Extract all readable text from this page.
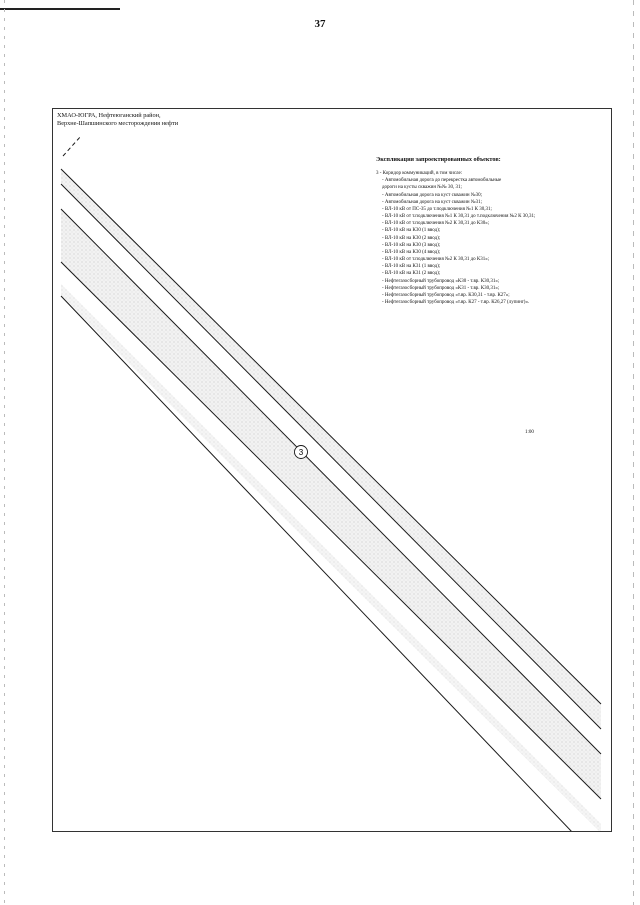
37
3
ХМАО-ЮГРА, Нефтеюганский район,
Верхне-Шапшинского месторождения нефти
Экспликация запроектированных объектов:
3 - Коридор коммуникаций, в том числе:
- Автомобильная дорога до перекрестка автомобильные
дороги на кусты скважин №№ 30, 31;
- Автомобильная дорога на куст скважин №30;
- Автомобильная дорога на куст скважин №31;
- ВЛ-10 кВ от ПС-35 до т.подключения №1 К 30,31;
- ВЛ-10 кВ от т.подключения №1 К 30,31 до т.подключения №2 К 30,31;
- ВЛ-10 кВ от т.подключения №2 К 30,31 до К30»;
- ВЛ-10 кВ на К30 (1 ввод);
- ВЛ-10 кВ на К30 (2 ввод);
- ВЛ-10 кВ на К30 (3 ввод);
- ВЛ-10 кВ на К30 (4 ввод);
- ВЛ-10 кВ от т.подключения №2 К 30,31 до К31»;
- ВЛ-10 кВ на К31 (1 ввод);
- ВЛ-10 кВ на К31 (2 ввод);
- Нефтегазосборный трубопровод «К30 - т.вр. К30,31»;
- Нефтегазосборный трубопровод «К31 - т.вр. К30,31»;
- Нефтегазосборный трубопровод «т.вр. К30,31 - т.вр. К27»;
- Нефтегазосборный трубопровод «т.вр. К27 - т.вр. К26,27 (лупинг)».
1:00
